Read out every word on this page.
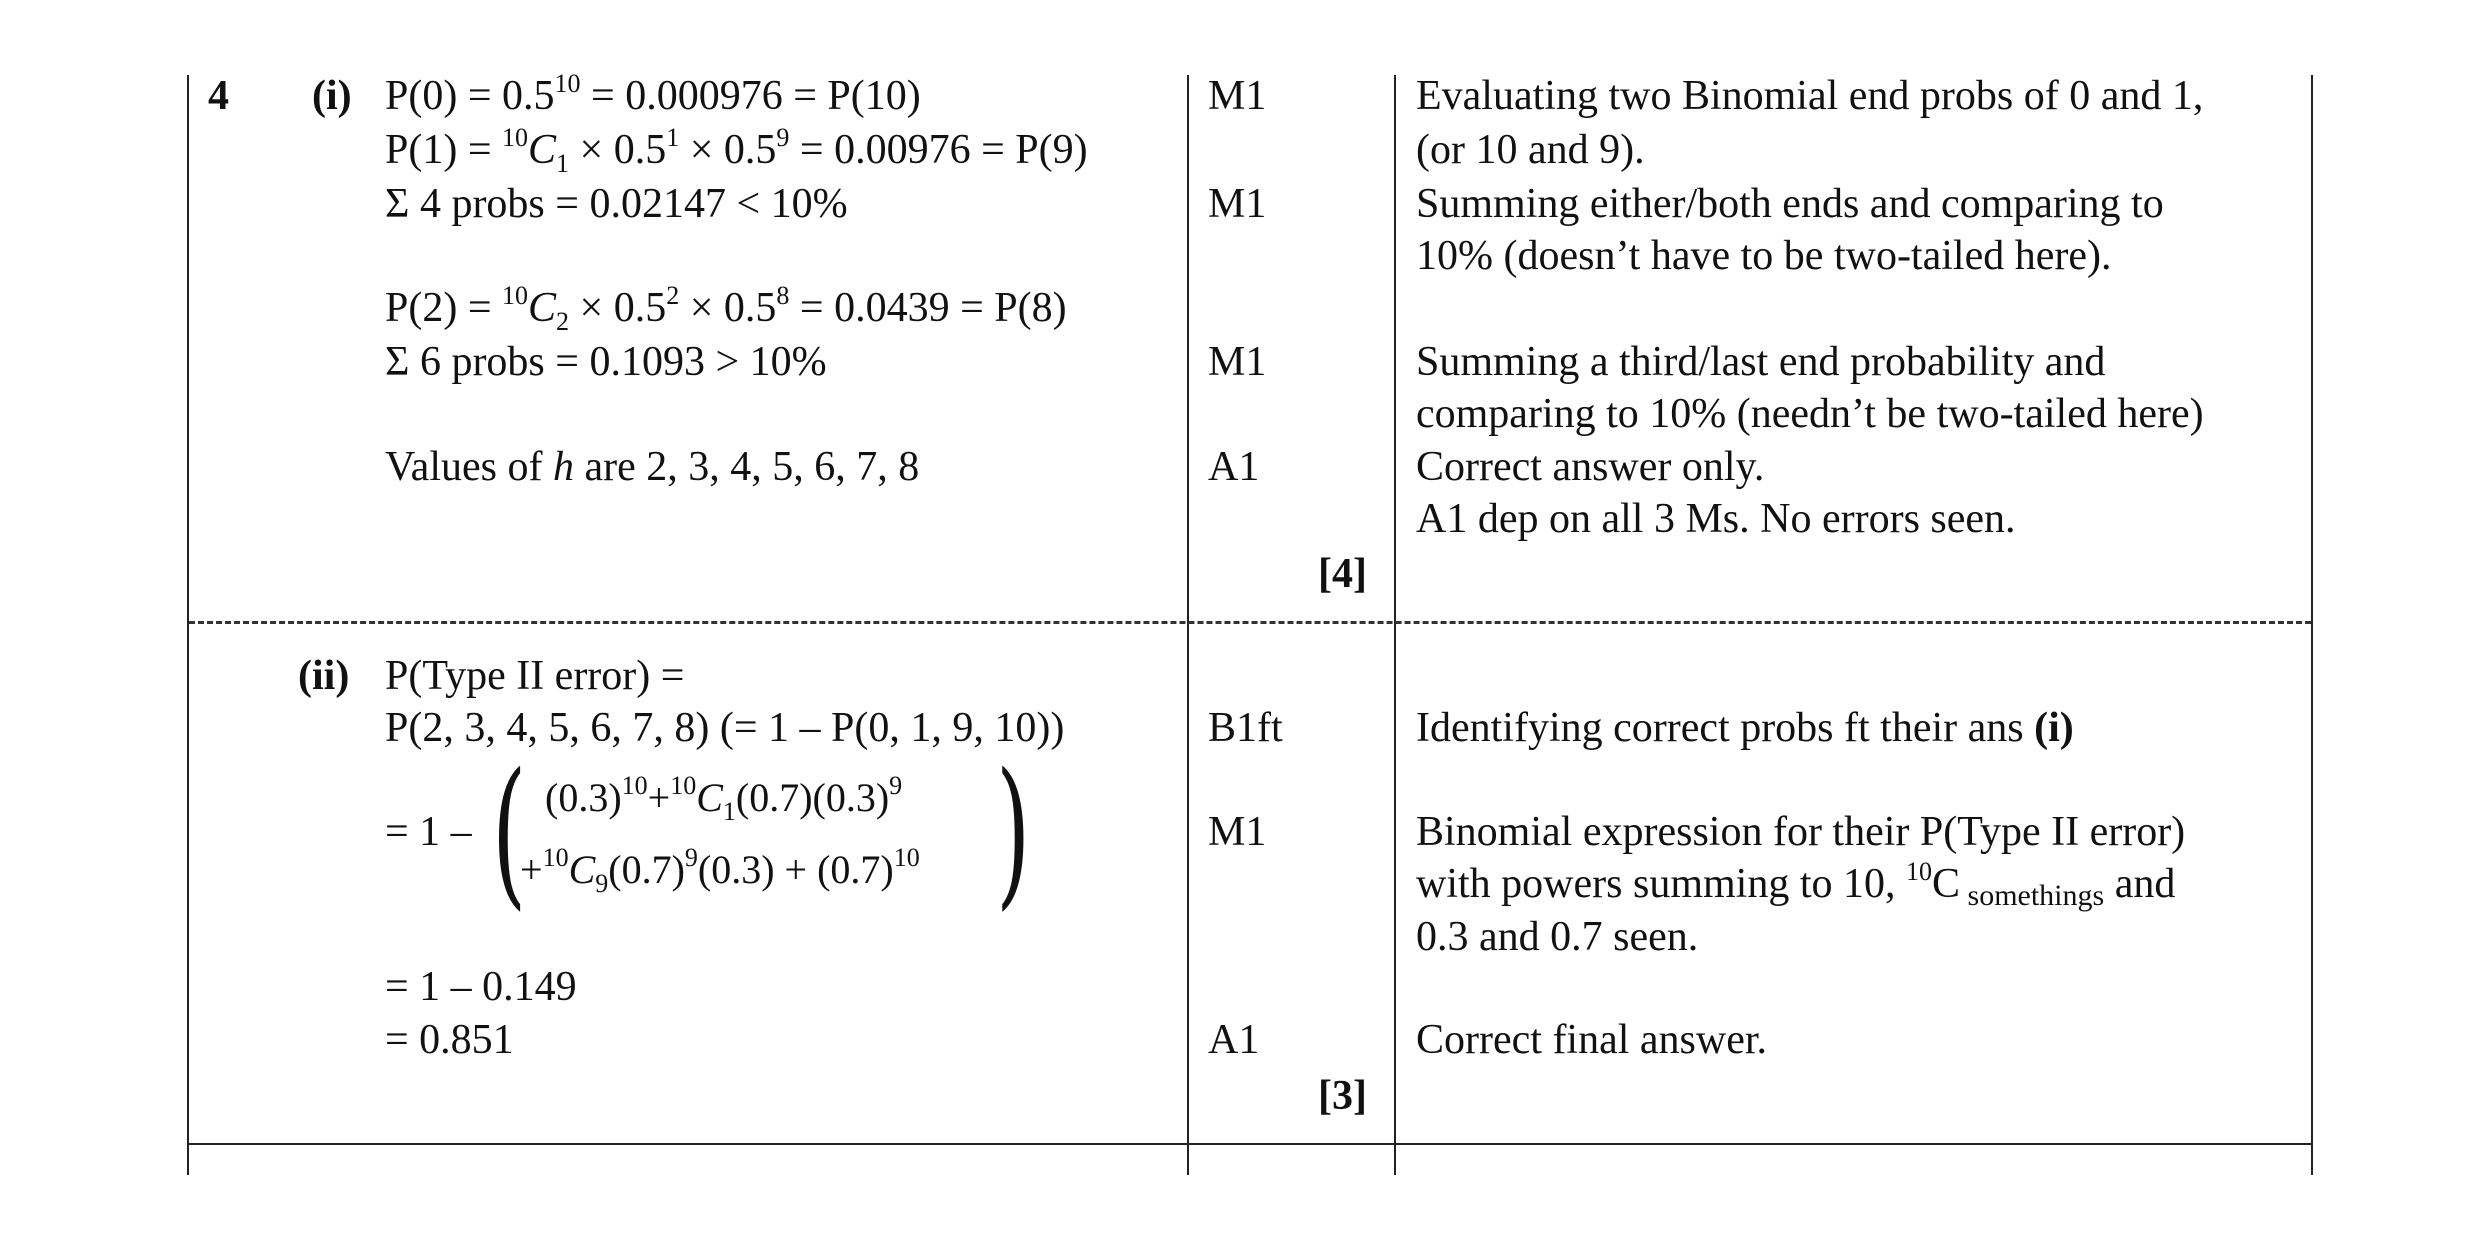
4 (i) $P(0) = 0.5^{10} = 0.000976 = P(10)$
$P(1) = ^{10}C_1 \times 0.5^1 \times 0.5^9 = 0.00976 = P(9)$
Σ 4 probs = 0.02147 < 10%
$P(2) = ^{10}C_2 \times 0.5^2 \times 0.5^8 = 0.0439 = P(8)$
Σ 6 probs = 0.1093 > 10%
Values of h are 2, 3, 4, 5, 6, 7, 8
M1
M1
M1
A1
[4]
Evaluating two Binomial end probs of 0 and 1,
(or 10 and 9).
Summing either/both ends and comparing to
10% (doesn’t have to be two-tailed here).
Summing a third/last end probability and
comparing to 10% (needn’t be two-tailed here)
Correct answer only.
A1 dep on all 3 Ms. No errors seen.
(ii) P(Type II error) =
P(2, 3, 4, 5, 6, 7, 8) (= 1 – P(0, 1, 9, 10))
= 1 – ( $(0.3)^{10}+^{10}C_1(0.7)(0.3)^9$
$+^{10}C_9(0.7)^9(0.3) + (0.7)^{10}$ )
= 1 – 0.149
= 0.851
B1ft
M1
A1
[3]
Identifying correct probs ft their ans (i)
Binomial expression for their P(Type II error)
with powers summing to 10, $^{10}$C somethings and
0.3 and 0.7 seen.
Correct final answer.
